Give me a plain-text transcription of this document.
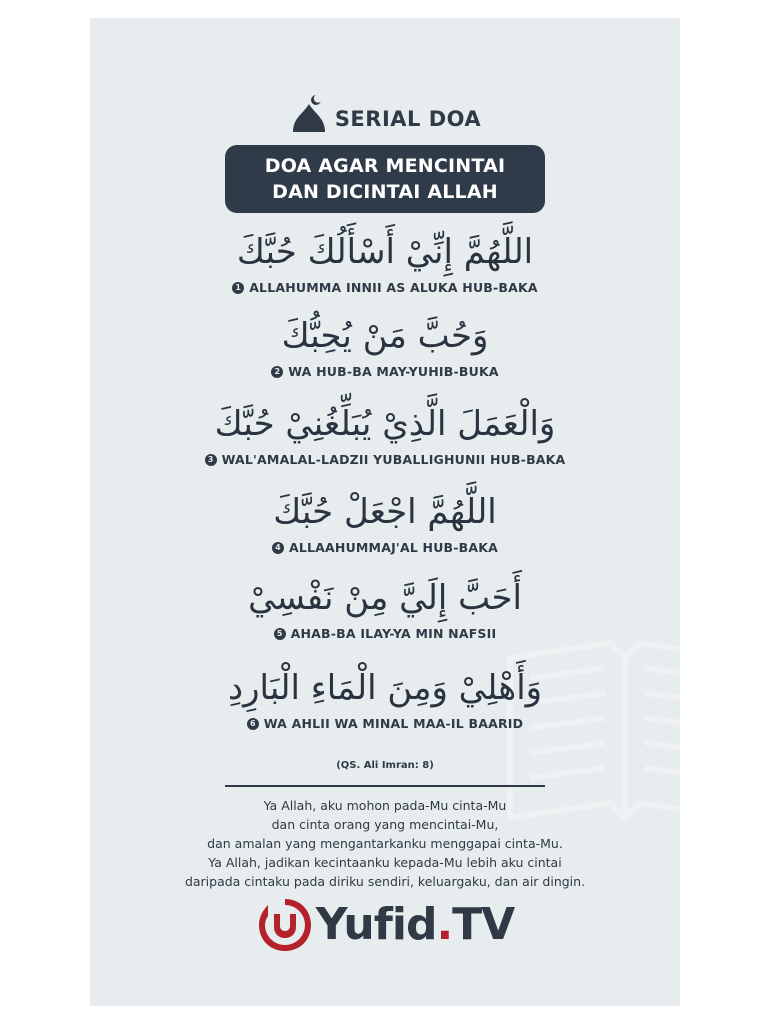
SERIAL DOA
DOA AGAR MENCINTAI
DAN DICINTAI ALLAH
اللَّهُمَّ إِنِّيْ أَسْأَلُكَ حُبَّكَ
1 ALLAHUMMA INNII AS ALUKA HUB-BAKA
وَحُبَّ مَنْ يُحِبُّكَ
2 WA HUB-BA MAY-YUHIB-BUKA
وَالْعَمَلَ الَّذِيْ يُبَلِّغُنِيْ حُبَّكَ
3 WAL'AMALAL-LADZII YUBALLIGHUNII HUB-BAKA
اللَّهُمَّ اجْعَلْ حُبَّكَ
4 ALLAAHUMMAJ'AL HUB-BAKA
أَحَبَّ إِلَيَّ مِنْ نَفْسِيْ
5 AHAB-BA ILAY-YA MIN NAFSII
وَأَهْلِيْ وَمِنَ الْمَاءِ الْبَارِدِ
6 WA AHLII WA MINAL MAA-IL BAARID
(QS. Ali Imran: 8)
Ya Allah, aku mohon pada-Mu cinta-Mu
dan cinta orang yang mencintai-Mu,
dan amalan yang mengantarkanku menggapai cinta-Mu.
Ya Allah, jadikan kecintaanku kepada-Mu lebih aku cintai
daripada cintaku pada diriku sendiri, keluargaku, dan air dingin.
Yufid.TV
